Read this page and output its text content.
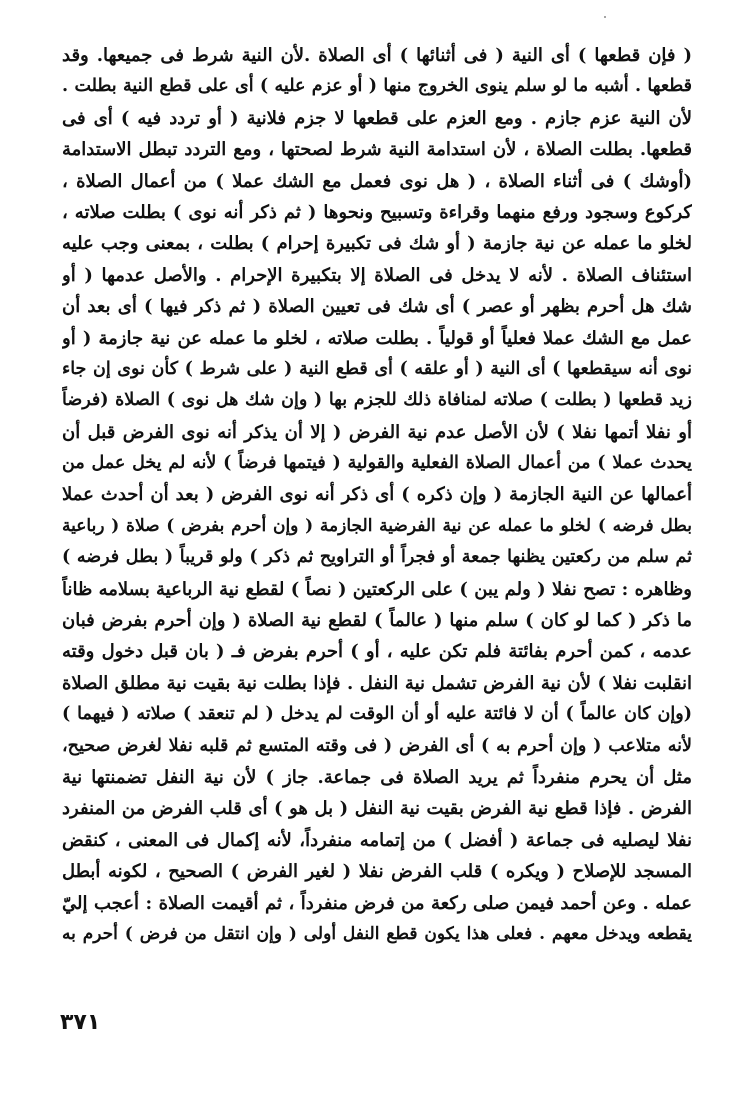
( فإن قطعها ) أى النية ( فى أثنائها ) أى الصلاة .لأن النية شرط فى جميعها. وقد
قطعها . أشبه ما لو سلم ينوى الخروج منها ( أو عزم عليه ) أى على قطع النية بطلت .
لأن النية عزم جازم . ومع العزم على قطعها لا جزم فلانية ( أو تردد فيه ) أى فى
قطعها. بطلت الصلاة ، لأن استدامة النية شرط لصحتها ، ومع التردد تبطل الاستدامة
(أوشك ) فى أثناء الصلاة ، ( هل نوى فعمل مع الشك عملا ) من أعمال الصلاة ،
كركوع وسجود ورفع منهما وقراءة وتسبيح ونحوها ( ثم ذكر أنه نوى ) بطلت صلاته ،
لخلو ما عمله عن نية جازمة ( أو شك فى تكبيرة إحرام ) بطلت ، بمعنى وجب عليه
استئناف الصلاة . لأنه لا يدخل فى الصلاة إلا بتكبيرة الإحرام . والأصل عدمها ( أو
شك هل أحرم بظهر أو عصر ) أى شك فى تعيين الصلاة ( ثم ذكر فيها ) أى بعد أن
عمل مع الشك عملا فعلياً أو قولياً . بطلت صلاته ، لخلو ما عمله عن نية جازمة ( أو
نوى أنه سيقطعها ) أى النية ( أو علقه ) أى قطع النية ( على شرط ) كأن نوى إن جاء
زيد قطعها ( بطلت ) صلاته لمنافاة ذلك للجزم بها ( وإن شك هل نوى ) الصلاة (فرضاً
أو نفلا أتمها نفلا ) لأن الأصل عدم نية الفرض ( إلا أن يذكر أنه نوى الفرض قبل أن
يحدث عملا ) من أعمال الصلاة الفعلية والقولية ( فيتمها فرضاً ) لأنه لم يخل عمل من
أعمالها عن النية الجازمة ( وإن ذكره ) أى ذكر أنه نوى الفرض ( بعد أن أحدث عملا
بطل فرضه ) لخلو ما عمله عن نية الفرضية الجازمة ( وإن أحرم بفرض ) صلاة ( رباعية
ثم سلم من ركعتين يظنها جمعة أو فجراً أو التراويح ثم ذكر ) ولو قريباً ( بطل فرضه )
وظاهره : تصح نفلا ( ولم يبن ) على الركعتين ( نصاً ) لقطع نية الرباعية بسلامه ظاناً
ما ذكر ( كما لو كان ) سلم منها ( عالماً ) لقطع نية الصلاة ( وإن أحرم بفرض فبان
عدمه ، كمن أحرم بفائتة فلم تكن عليه ، أو ) أحرم بفرض فـ ( بان قبل دخول وقته
انقلبت نفلا ) لأن نية الفرض تشمل نية النفل . فإذا بطلت نية بقيت نية مطلق الصلاة
(وإن كان عالماً ) أن لا فائتة عليه أو أن الوقت لم يدخل ( لم تنعقد ) صلاته ( فيهما )
لأنه متلاعب ( وإن أحرم به ) أى الفرض ( فى وقته المتسع ثم قلبه نفلا لغرض صحيح،
مثل أن يحرم منفرداً ثم يريد الصلاة فى جماعة. جاز ) لأن نية النفل تضمنتها نية
الفرض . فإذا قطع نية الفرض بقيت نية النفل ( بل هو ) أى قلب الفرض من المنفرد
نفلا ليصليه فى جماعة ( أفضل ) من إتمامه منفرداً، لأنه إكمال فى المعنى ، كنقض
المسجد للإصلاح ( ويكره ) قلب الفرض نفلا ( لغير الفرض ) الصحيح ، لكونه أبطل
عمله . وعن أحمد فيمن صلى ركعة من فرض منفرداً ، ثم أقيمت الصلاة : أعجب إليّ
يقطعه ويدخل معهم . فعلى هذا يكون قطع النفل أولى ( وإن انتقل من فرض ) أحرم به
٣٧١
